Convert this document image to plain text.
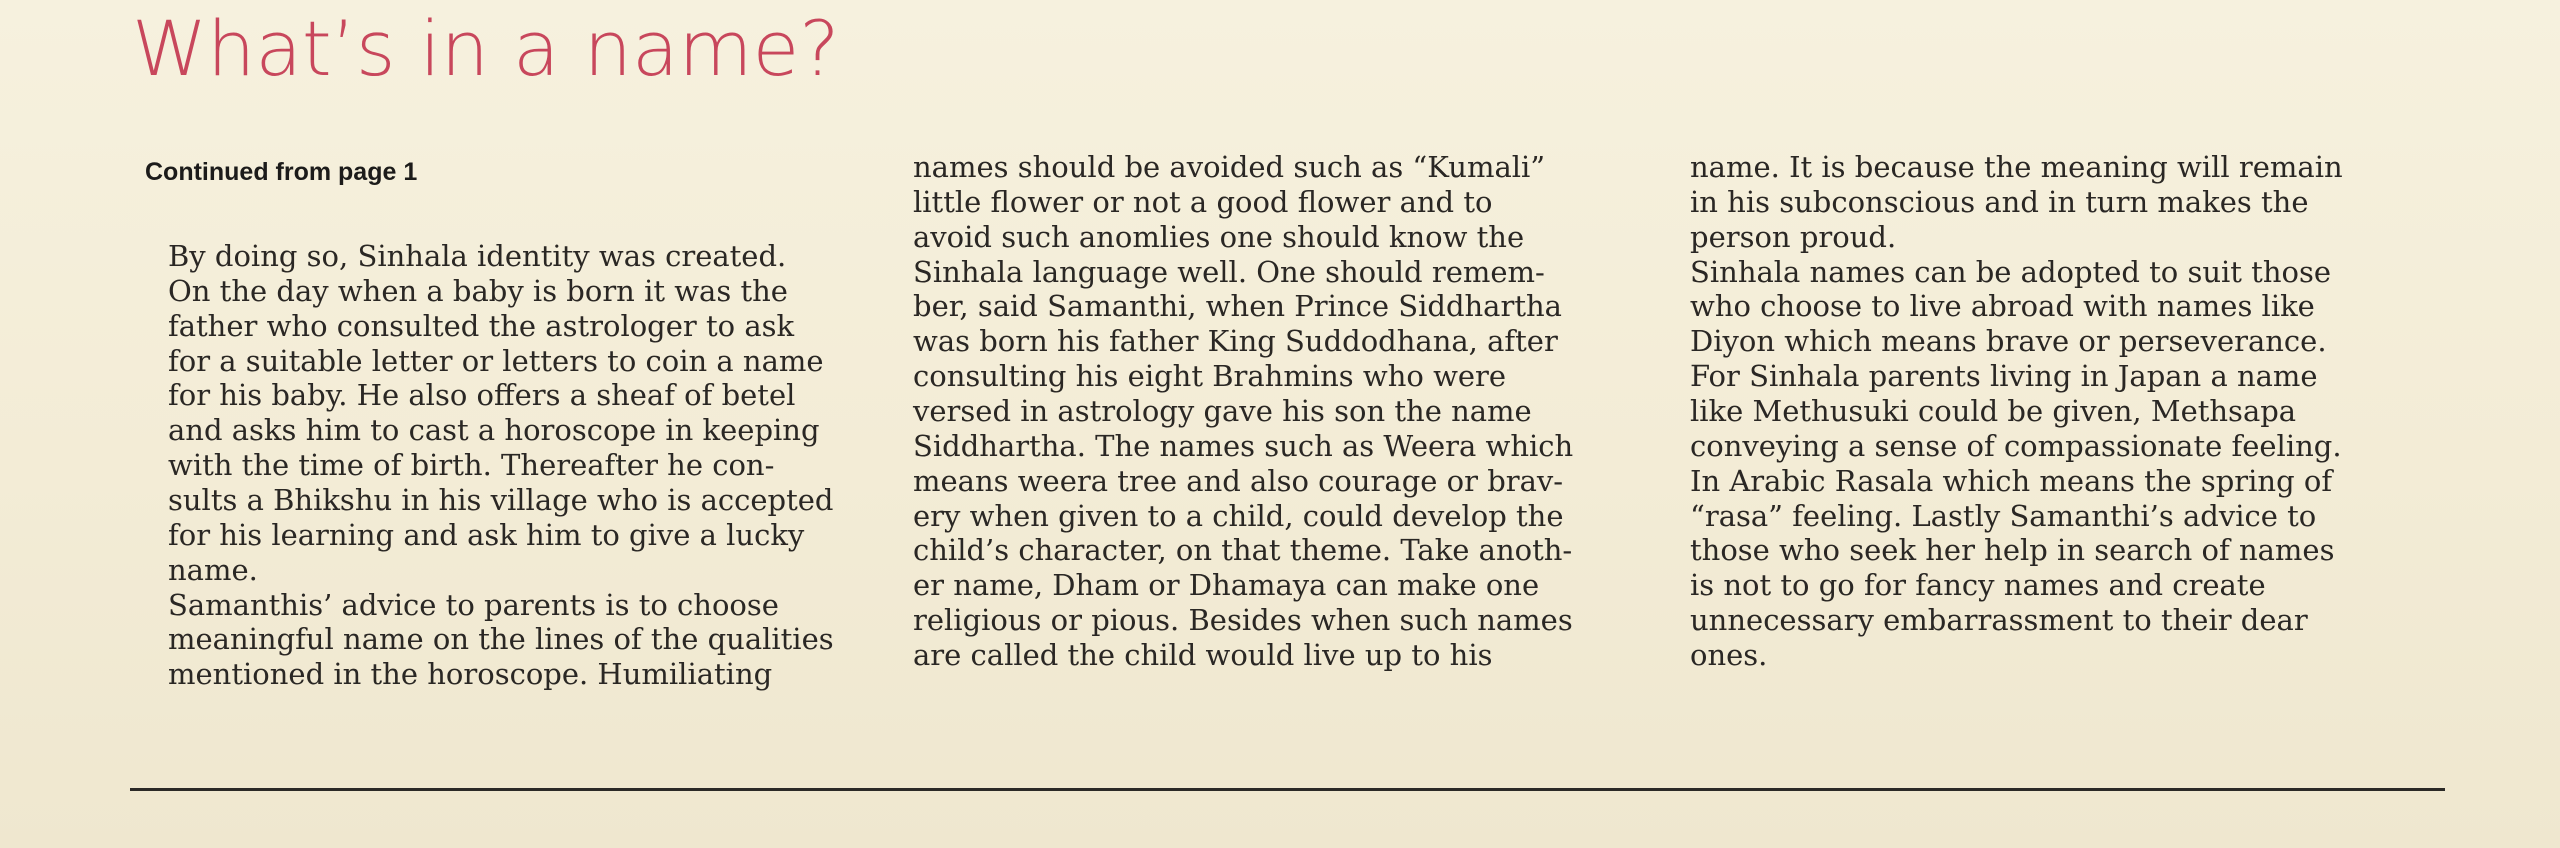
What’s in a name?
Continued from page 1
By doing so, Sinhala identity was created.
On the day when a baby is born it was the
father who consulted the astrologer to ask
for a suitable letter or letters to coin a name
for his baby. He also offers a sheaf of betel
and asks him to cast a horoscope in keeping
with the time of birth. Thereafter he con-
sults a Bhikshu in his village who is accepted
for his learning and ask him to give a lucky
name.
Samanthis’ advice to parents is to choose
meaningful name on the lines of the qualities
mentioned in the horoscope. Humiliating
names should be avoided such as “Kumali”
little flower or not a good flower and to
avoid such anomlies one should know the
Sinhala language well. One should remem-
ber, said Samanthi, when Prince Siddhartha
was born his father King Suddodhana, after
consulting his eight Brahmins who were
versed in astrology gave his son the name
Siddhartha. The names such as Weera which
means weera tree and also courage or brav-
ery when given to a child, could develop the
child’s character, on that theme. Take anoth-
er name, Dham or Dhamaya can make one
religious or pious. Besides when such names
are called the child would live up to his
name. It is because the meaning will remain
in his subconscious and in turn makes the
person proud.
Sinhala names can be adopted to suit those
who choose to live abroad with names like
Diyon which means brave or perseverance.
For Sinhala parents living in Japan a name
like Methusuki could be given, Methsapa
conveying a sense of compassionate feeling.
In Arabic Rasala which means the spring of
“rasa” feeling. Lastly Samanthi’s advice to
those who seek her help in search of names
is not to go for fancy names and create
unnecessary embarrassment to their dear
ones.
